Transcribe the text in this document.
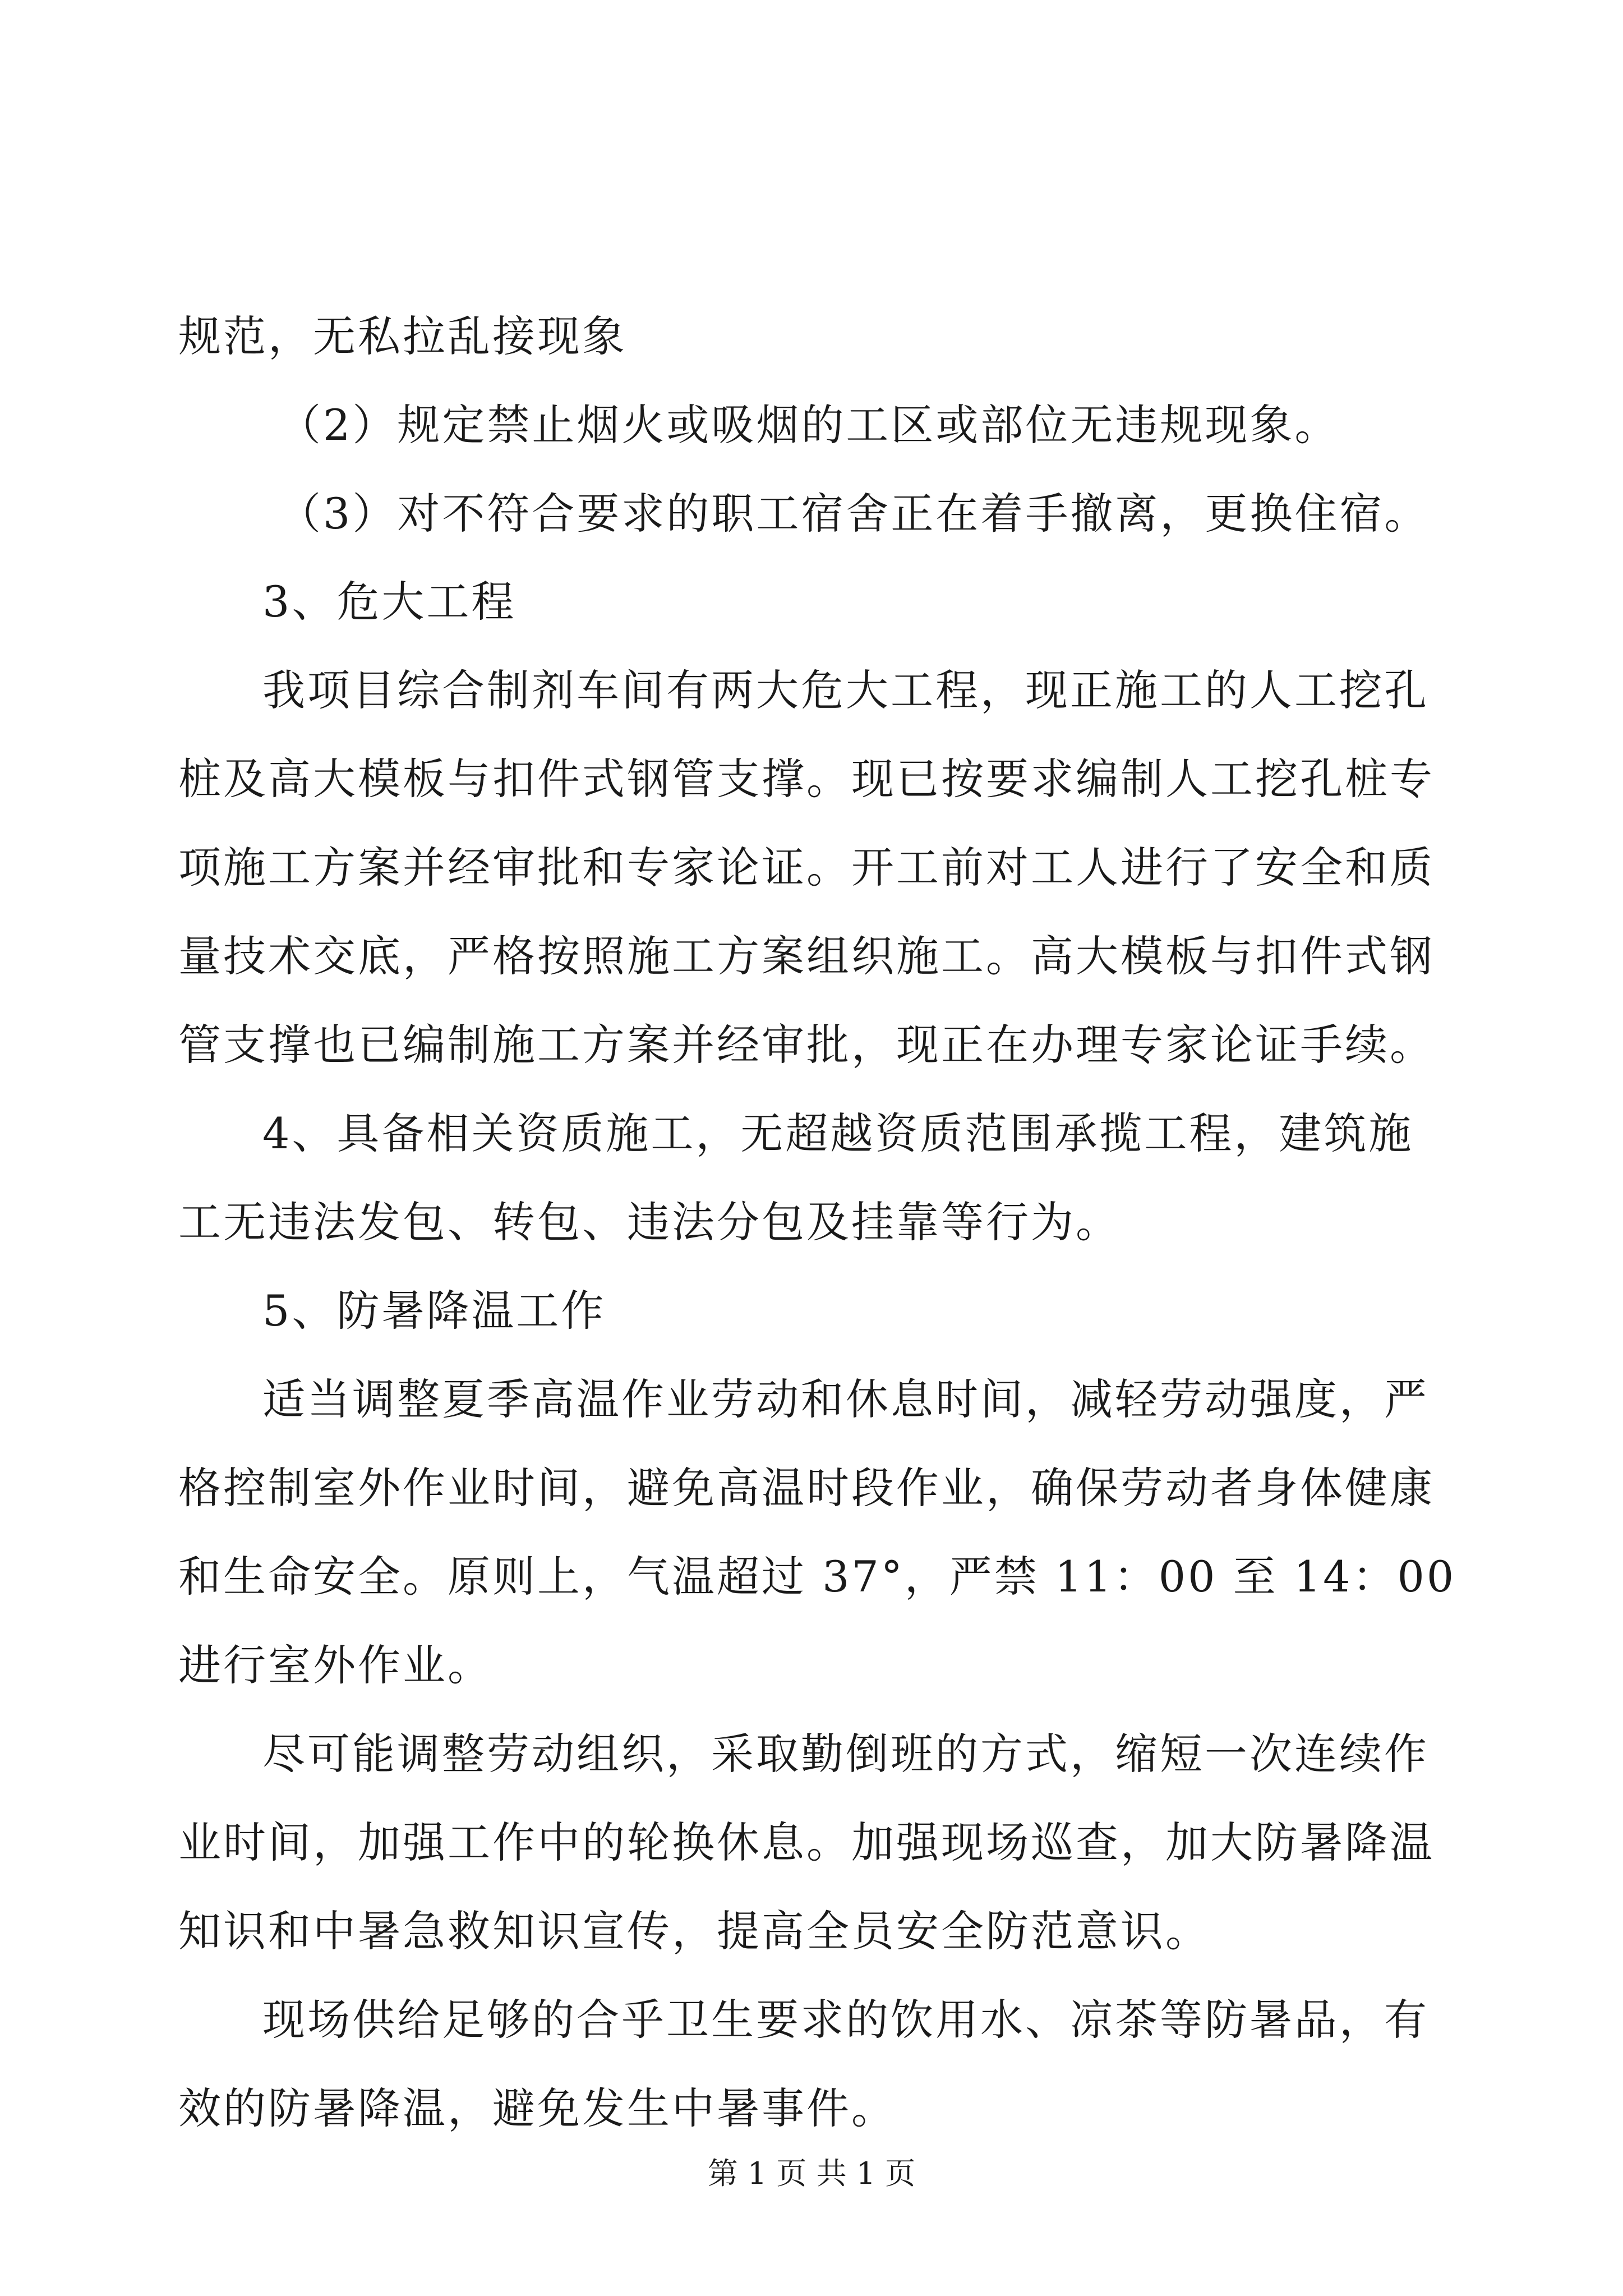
规范，无私拉乱接现象
（2）规定禁止烟火或吸烟的工区或部位无违规现象。
（3）对不符合要求的职工宿舍正在着手撤离，更换住宿。
3、危大工程
我项目综合制剂车间有两大危大工程，现正施工的人工挖孔
桩及高大模板与扣件式钢管支撑。现已按要求编制人工挖孔桩专
项施工方案并经审批和专家论证。开工前对工人进行了安全和质
量技术交底，严格按照施工方案组织施工。高大模板与扣件式钢
管支撑也已编制施工方案并经审批，现正在办理专家论证手续。
4、具备相关资质施工，无超越资质范围承揽工程，建筑施
工无违法发包、转包、违法分包及挂靠等行为。
5、防暑降温工作
适当调整夏季高温作业劳动和休息时间，减轻劳动强度，严
格控制室外作业时间，避免高温时段作业，确保劳动者身体健康
和生命安全。原则上，气温超过 37°，严禁 11：00 至 14：00
进行室外作业。
尽可能调整劳动组织，采取勤倒班的方式，缩短一次连续作
业时间，加强工作中的轮换休息。加强现场巡查，加大防暑降温
知识和中暑急救知识宣传，提高全员安全防范意识。
现场供给足够的合乎卫生要求的饮用水、凉茶等防暑品，有
效的防暑降温，避免发生中暑事件。
第 1 页 共 1 页
